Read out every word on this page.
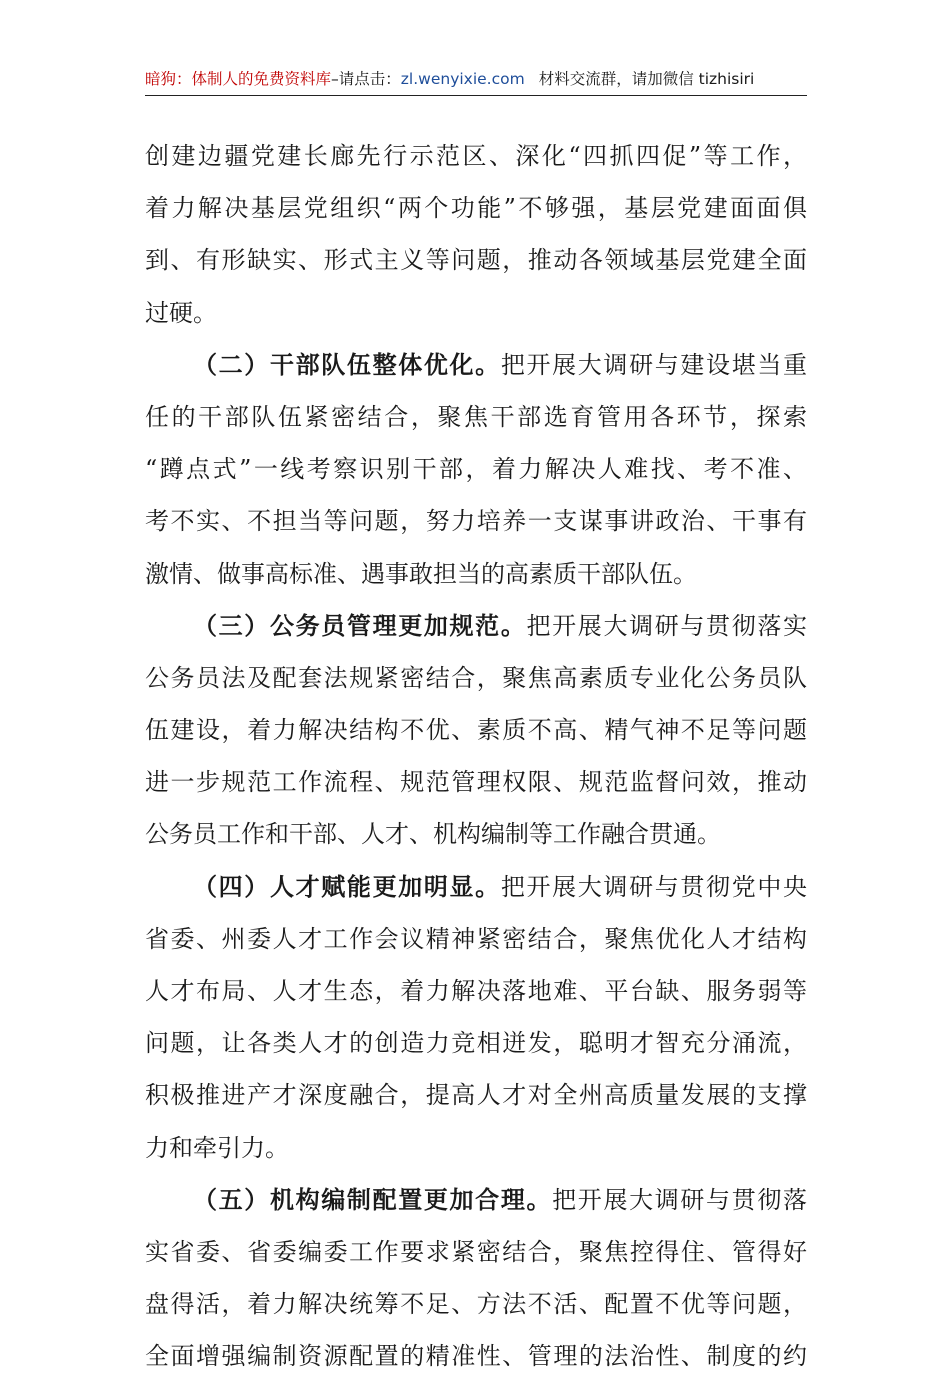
暗狗：体制人的免费资料库–请点击：zl.wenyixie.com 材料交流群，请加微信 tizhisiri
创建边疆党建长廊先行示范区、深化“四抓四促”等工作，
着力解决基层党组织“两个功能”不够强，基层党建面面俱
到、有形缺实、形式主义等问题，推动各领域基层党建全面
过硬。
（二）干部队伍整体优化。把开展大调研与建设堪当重
任的干部队伍紧密结合，聚焦干部选育管用各环节，探索
“蹲点式”一线考察识别干部，着力解决人难找、考不准、
考不实、不担当等问题，努力培养一支谋事讲政治、干事有
激情、做事高标准、遇事敢担当的高素质干部队伍。
（三）公务员管理更加规范。把开展大调研与贯彻落实
公务员法及配套法规紧密结合，聚焦高素质专业化公务员队
伍建设，着力解决结构不优、素质不高、精气神不足等问题
进一步规范工作流程、规范管理权限、规范监督问效，推动
公务员工作和干部、人才、机构编制等工作融合贯通。
（四）人才赋能更加明显。把开展大调研与贯彻党中央
省委、州委人才工作会议精神紧密结合，聚焦优化人才结构
人才布局、人才生态，着力解决落地难、平台缺、服务弱等
问题，让各类人才的创造力竞相迸发，聪明才智充分涌流，
积极推进产才深度融合，提高人才对全州高质量发展的支撑
力和牵引力。
（五）机构编制配置更加合理。把开展大调研与贯彻落
实省委、省委编委工作要求紧密结合，聚焦控得住、管得好
盘得活，着力解决统筹不足、方法不活、配置不优等问题，
全面增强编制资源配置的精准性、管理的法治性、制度的约
